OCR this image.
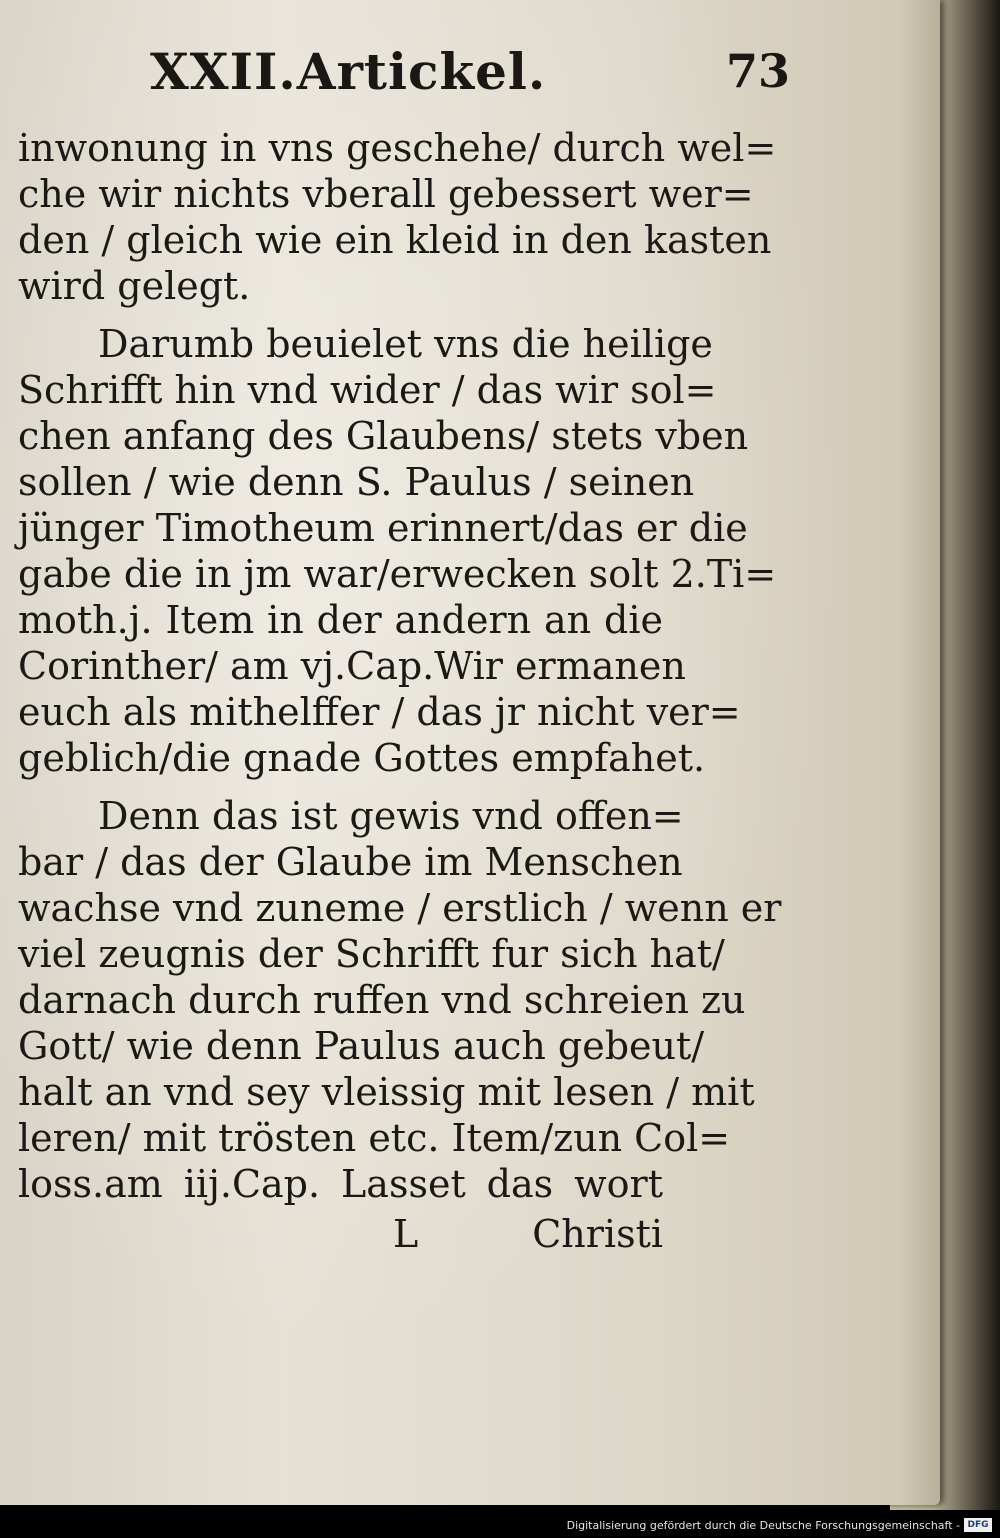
XXII.Artickel.	73
inwonung in vns geschehe/ durch wel=
che wir nichts vberall gebessert wer=
den / gleich wie ein kleid in den kasten
wird gelegt.
Darumb beuielet vns die heilige
Schrifft hin vnd wider / das wir sol=
chen anfang des Glaubens/ stets vben
sollen / wie denn S. Paulus / seinen
jünger Timotheum erinnert/das er die
gabe die in jm war/erwecken solt 2.Ti=
moth.j. Item in der andern an die
Corinther/ am vj.Cap.Wir ermanen
euch als mithelffer / das jr nicht ver=
geblich/die gnade Gottes empfahet.
Denn das ist gewis vnd offen=
bar / das der Glaube im Menschen
wachse vnd zuneme / erstlich / wenn er
viel zeugnis der Schrifft fur sich hat/
darnach durch ruffen vnd schreien zu
Gott/ wie denn Paulus auch gebeut/
halt an vnd sey vleissig mit lesen / mit
leren/ mit trösten etc. Item/zun Col=
loss.am iij.Cap. Lasset das wort
L	Christi
Digitalisierung gefördert durch die Deutsche Forschungsgemeinschaft - DFG
